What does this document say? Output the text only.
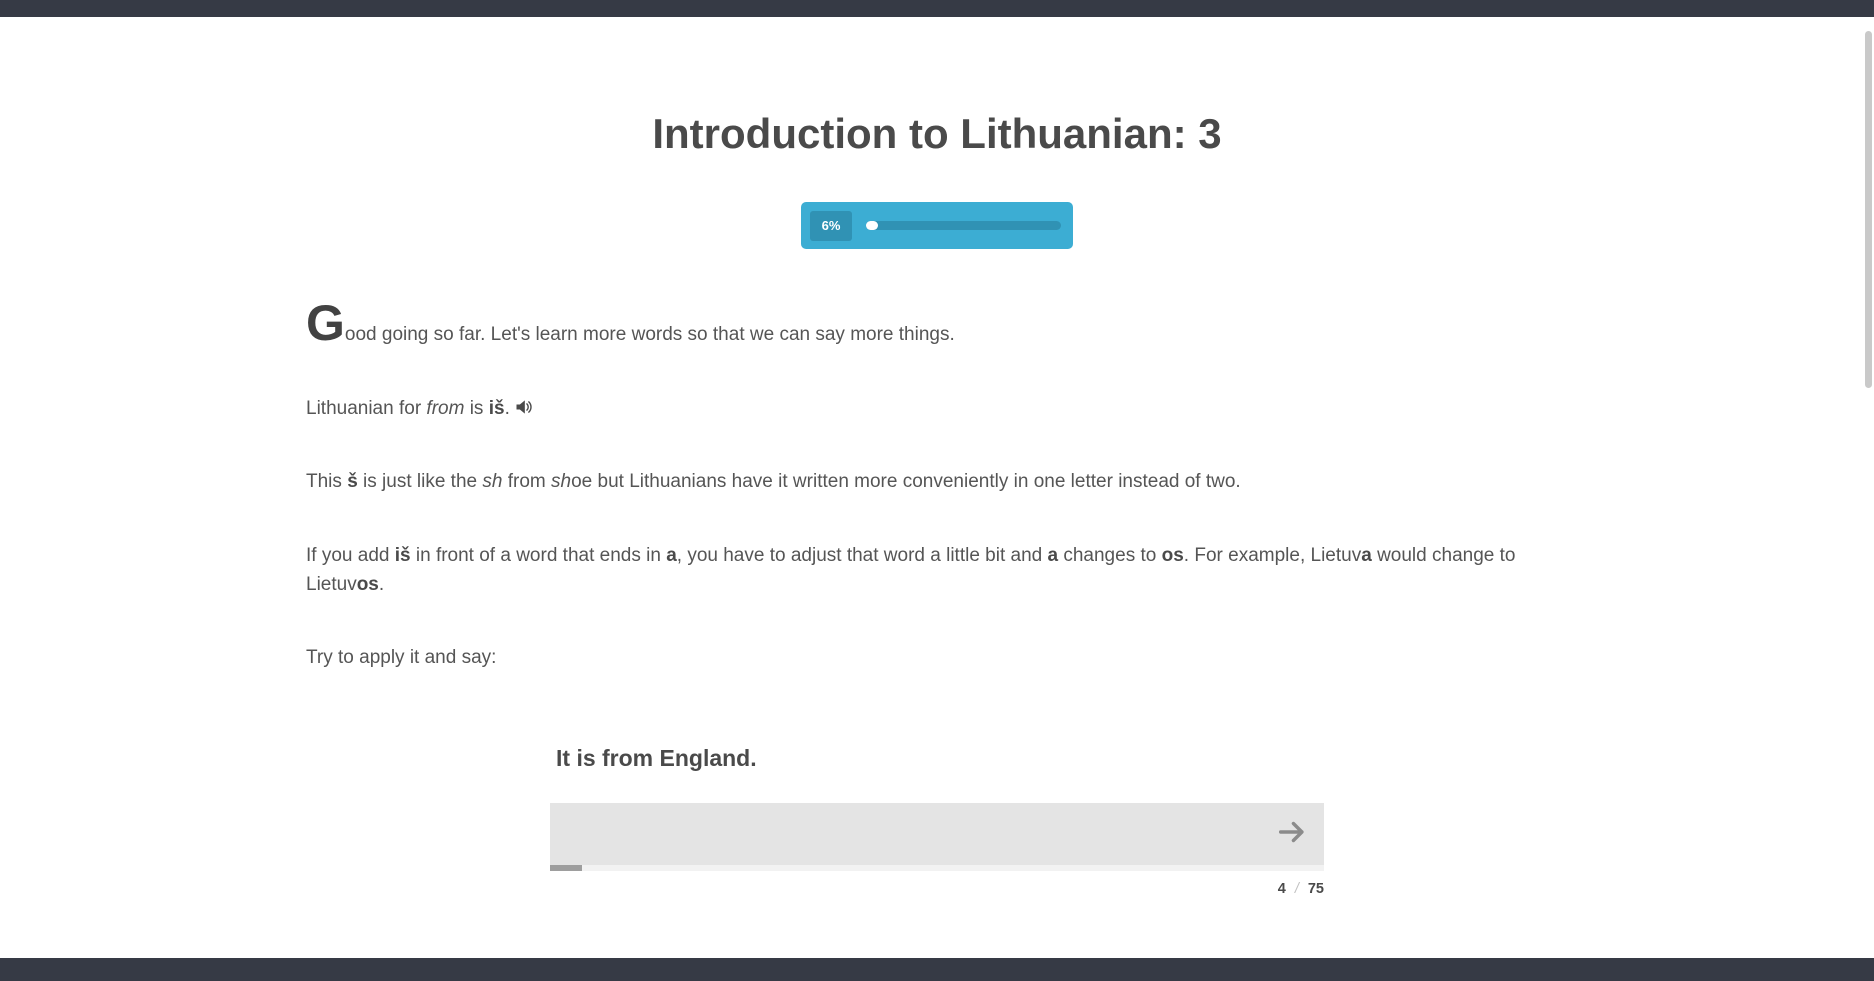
Introduction to Lithuanian: 3
6%

Good going so far. Let's learn more words so that we can say more things.

Lithuanian for from is iš.

This š is just like the sh from shoe but Lithuanians have it written more conveniently in one letter instead of two.

If you add iš in front of a word that ends in a, you have to adjust that word a little bit and a changes to os. For example, Lietuva would change to Lietuvos.

Try to apply it and say:

It is from England.

4 / 75
